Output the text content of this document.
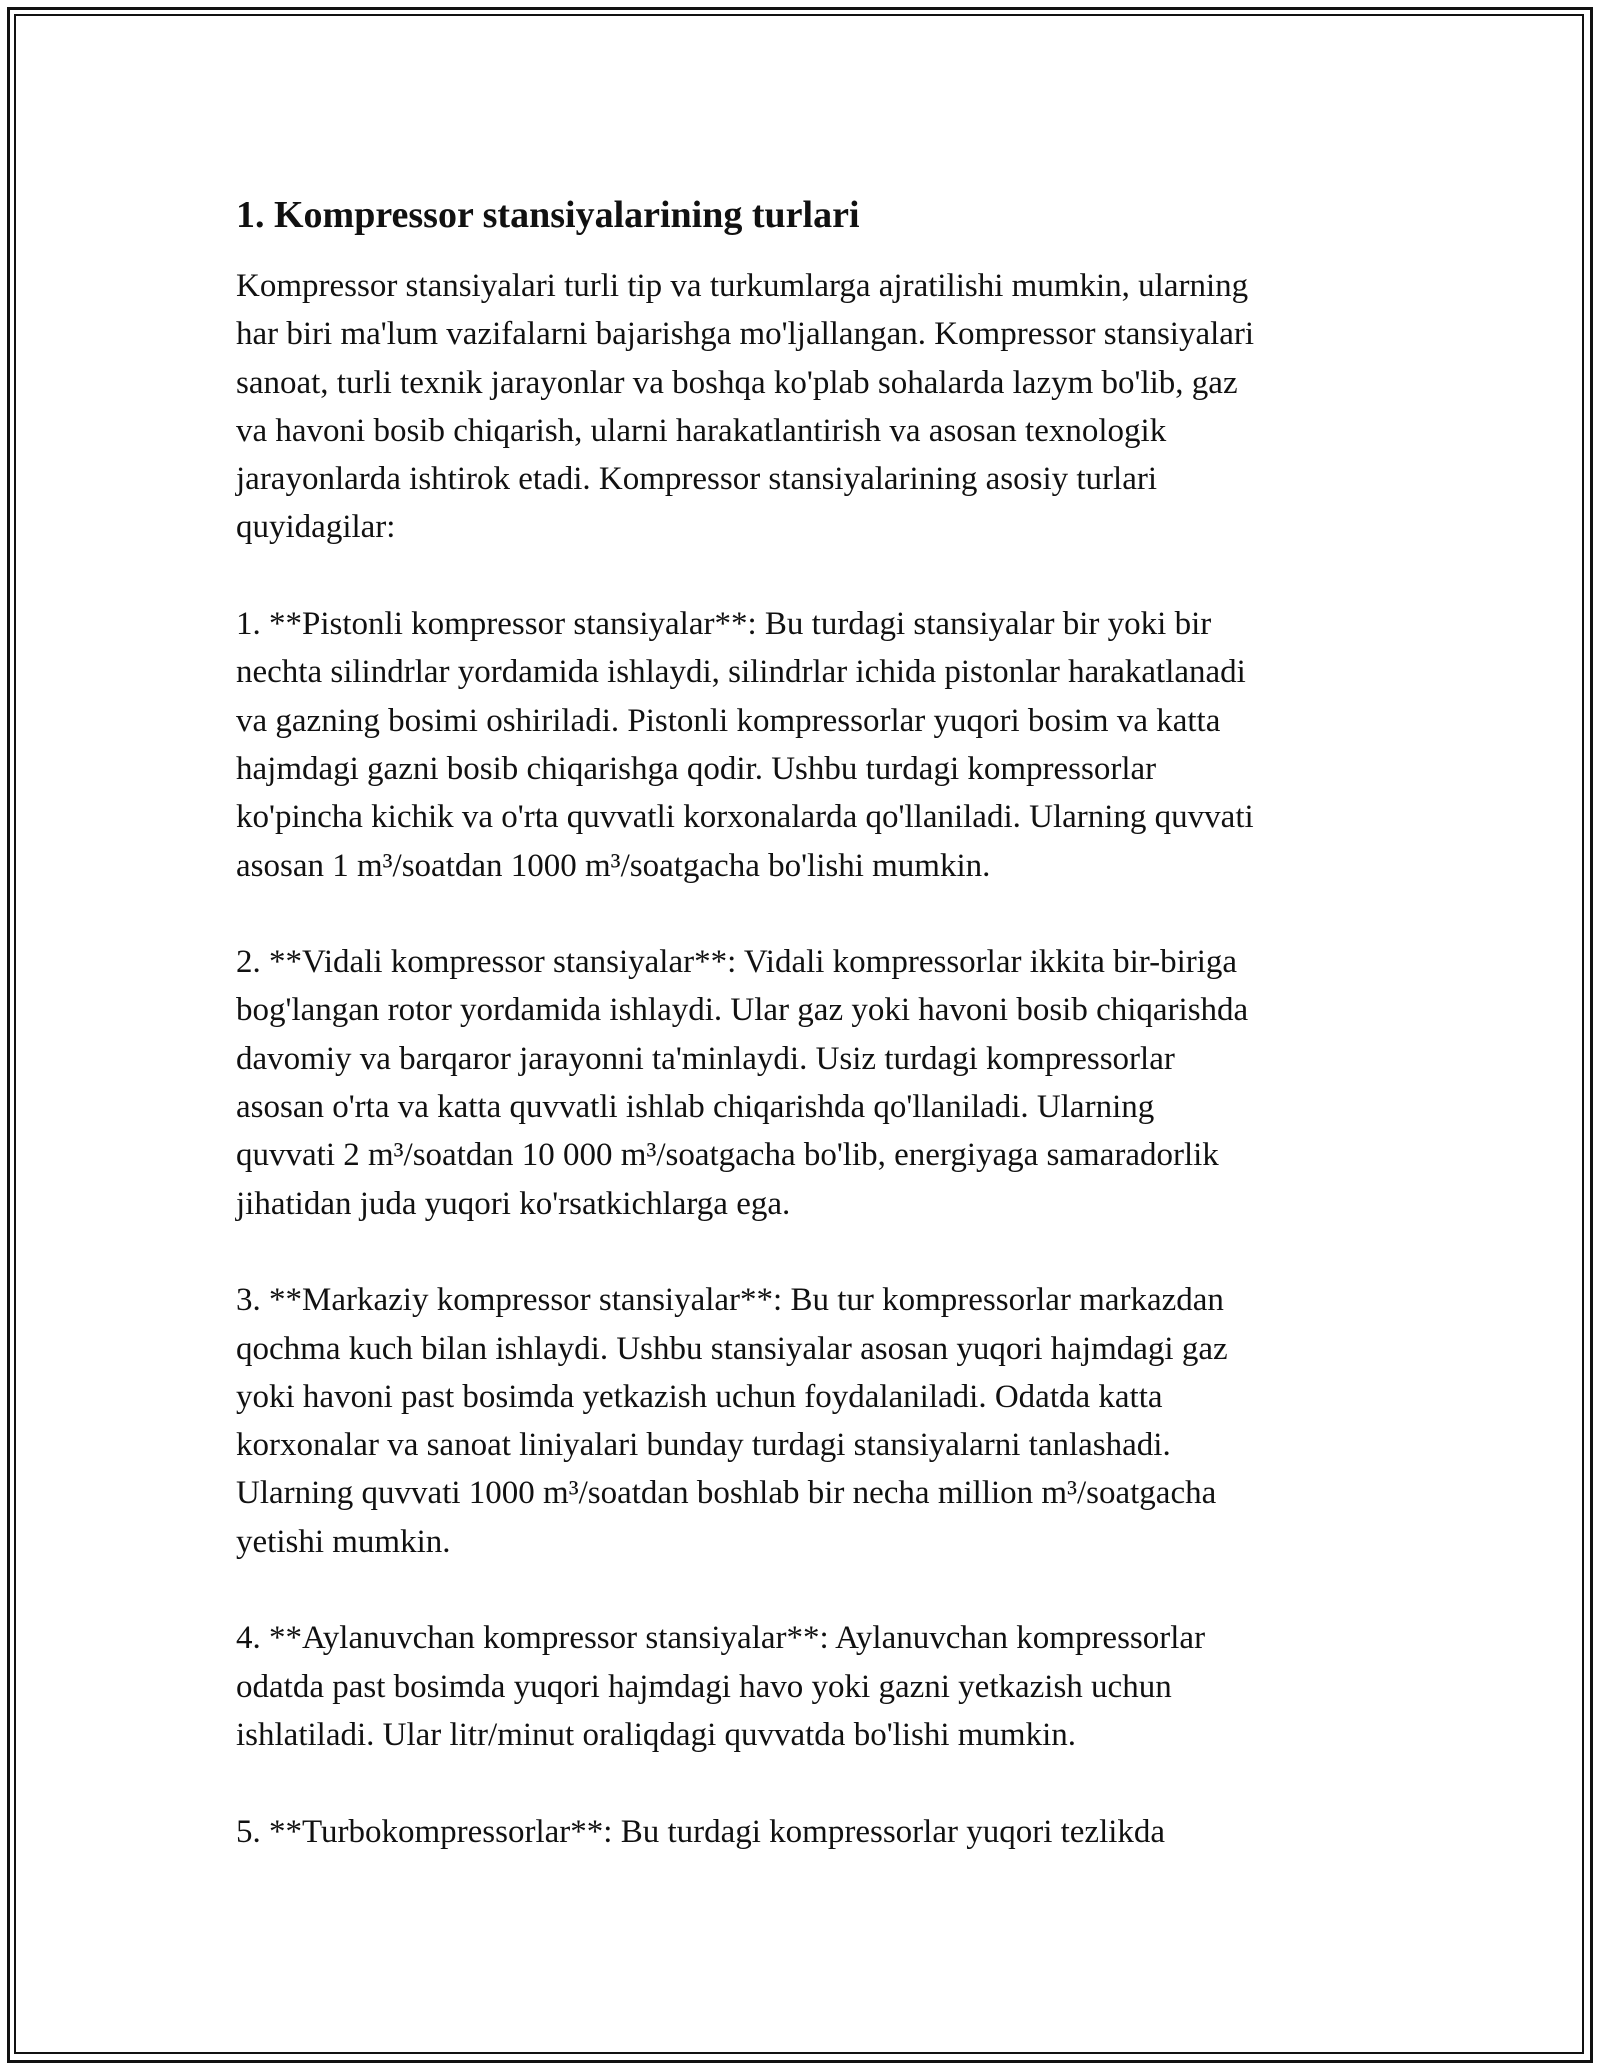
1. Kompressor stansiyalarining turlari
Kompressor stansiyalari turli tip va turkumlarga ajratilishi mumkin, ularning
har biri ma'lum vazifalarni bajarishga mo'ljallangan. Kompressor stansiyalari
sanoat, turli texnik jarayonlar va boshqa ko'plab sohalarda lazym bo'lib, gaz
va havoni bosib chiqarish, ularni harakatlantirish va asosan texnologik
jarayonlarda ishtirok etadi. Kompressor stansiyalarining asosiy turlari
quyidagilar:
1. **Pistonli kompressor stansiyalar**: Bu turdagi stansiyalar bir yoki bir
nechta silindrlar yordamida ishlaydi, silindrlar ichida pistonlar harakatlanadi
va gazning bosimi oshiriladi. Pistonli kompressorlar yuqori bosim va katta
hajmdagi gazni bosib chiqarishga qodir. Ushbu turdagi kompressorlar
ko'pincha kichik va o'rta quvvatli korxonalarda qo'llaniladi. Ularning quvvati
asosan 1 m³/soatdan 1000 m³/soatgacha bo'lishi mumkin.
2. **Vidali kompressor stansiyalar**: Vidali kompressorlar ikkita bir-biriga
bog'langan rotor yordamida ishlaydi. Ular gaz yoki havoni bosib chiqarishda
davomiy va barqaror jarayonni ta'minlaydi. Usiz turdagi kompressorlar
asosan o'rta va katta quvvatli ishlab chiqarishda qo'llaniladi. Ularning
quvvati 2 m³/soatdan 10 000 m³/soatgacha bo'lib, energiyaga samaradorlik
jihatidan juda yuqori ko'rsatkichlarga ega.
3. **Markaziy kompressor stansiyalar**: Bu tur kompressorlar markazdan
qochma kuch bilan ishlaydi. Ushbu stansiyalar asosan yuqori hajmdagi gaz
yoki havoni past bosimda yetkazish uchun foydalaniladi. Odatda katta
korxonalar va sanoat liniyalari bunday turdagi stansiyalarni tanlashadi.
Ularning quvvati 1000 m³/soatdan boshlab bir necha million m³/soatgacha
yetishi mumkin.
4. **Aylanuvchan kompressor stansiyalar**: Aylanuvchan kompressorlar
odatda past bosimda yuqori hajmdagi havo yoki gazni yetkazish uchun
ishlatiladi. Ular litr/minut oraliqdagi quvvatda bo'lishi mumkin.
5. **Turbokompressorlar**: Bu turdagi kompressorlar yuqori tezlikda
